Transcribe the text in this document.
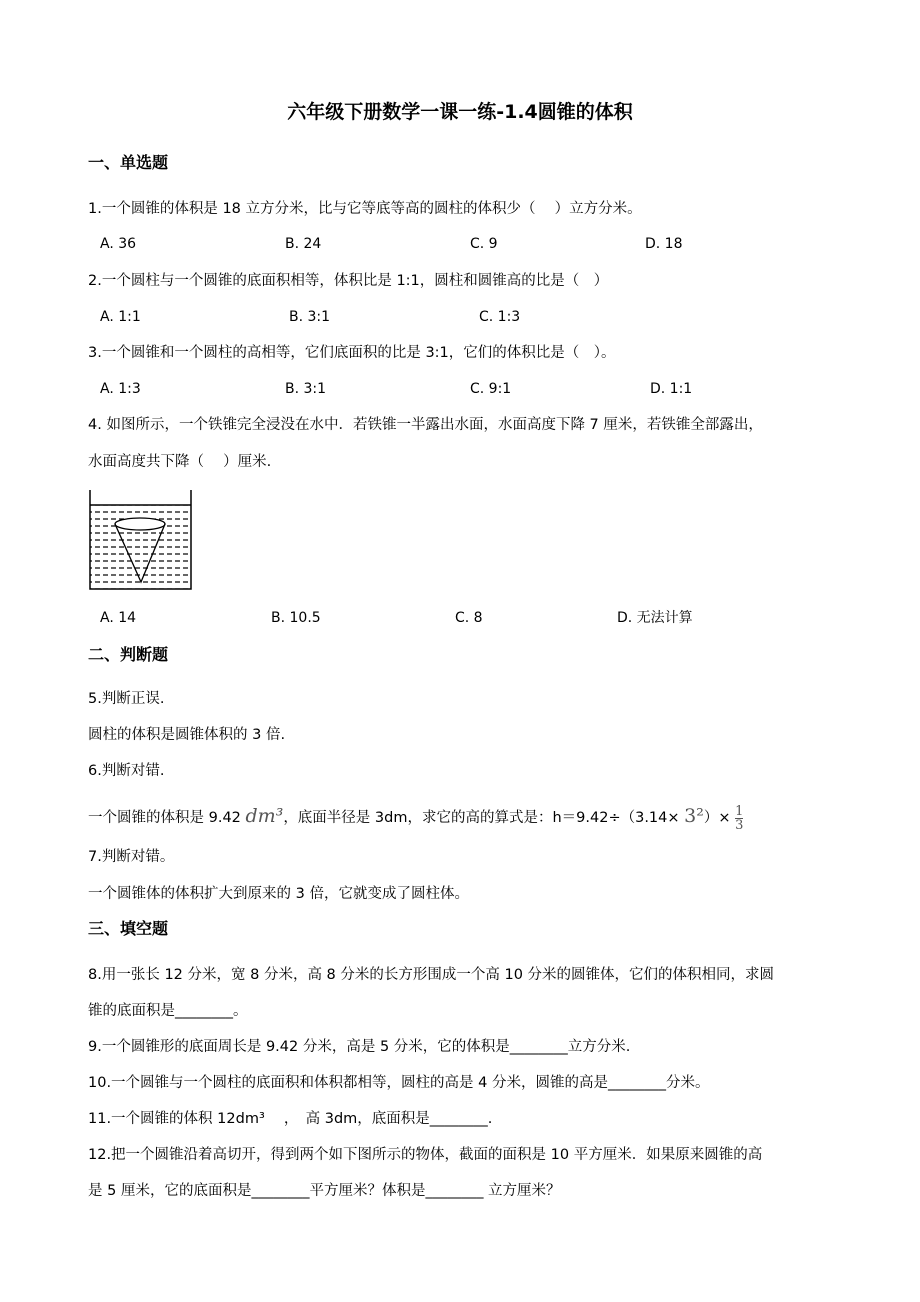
六年级下册数学一课一练-1.4圆锥的体积
一、单选题
1.一个圆锥的体积是 18 立方分米，比与它等底等高的圆柱的体积少（　 ）立方分米。
A. 36	B. 24	C. 9	D. 18
2.一个圆柱与一个圆锥的底面积相等，体积比是 1:1，圆柱和圆锥高的比是（　）
A. 1:1	B. 3:1	C. 1:3
3.一个圆锥和一个圆柱的高相等，它们底面积的比是 3:1，它们的体积比是（　）。
A. 1:3	B. 3:1	C. 9:1	D. 1:1
4. 如图所示，一个铁锥完全浸没在水中．若铁锥一半露出水面，水面高度下降 7 厘米，若铁锥全部露出，
水面高度共下降（　 ）厘米.
A. 14	B. 10.5	C. 8	D. 无法计算
二、判断题
5.判断正误.
圆柱的体积是圆锥体积的 3 倍.
6.判断对错.
一个圆锥的体积是 9.42 dm³，底面半径是 3dm，求它的高的算式是：$h=9.42\div(3.14\times 3^2)\times \frac{1}{3}$
7.判断对错。
一个圆锥体的体积扩大到原来的 3 倍，它就变成了圆柱体。
三、填空题
8.用一张长 12 分米，宽 8 分米，高 8 分米的长方形围成一个高 10 分米的圆锥体，它们的体积相同，求圆
锥的底面积是________。
9.一个圆锥形的底面周长是 9.42 分米，高是 5 分米，它的体积是________立方分米.
10.一个圆锥与一个圆柱的底面积和体积都相等，圆柱的高是 4 分米，圆锥的高是________分米。
11.一个圆锥的体积 12dm³　 ，　高 3dm，底面积是________.
12.把一个圆锥沿着高切开，得到两个如下图所示的物体，截面的面积是 10 平方厘米．如果原来圆锥的高
是 5 厘米，它的底面积是________平方厘米？体积是________ 立方厘米？
